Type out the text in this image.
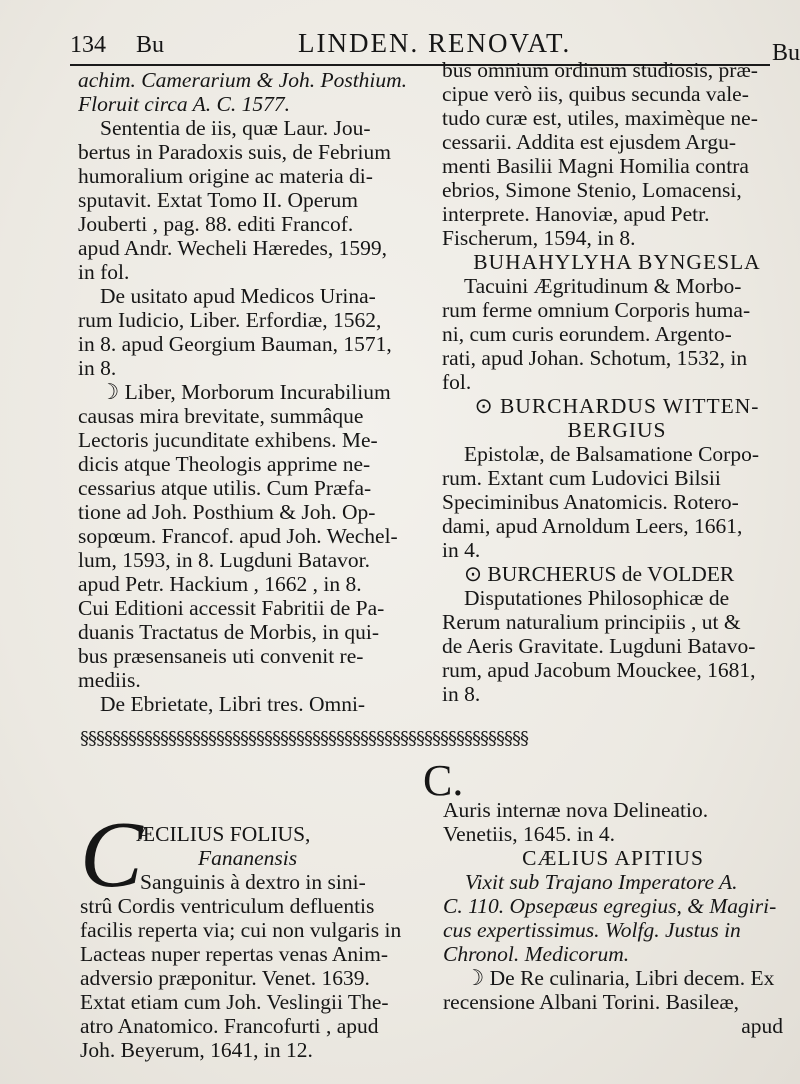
134 Bu	LINDEN. RENOVAT.	Bu
achim. Camerarium & Joh. Posthium.
Floruit circa A. C. 1577.
Sententia de iis, quæ Laur. Jou-
bertus in Paradoxis suis, de Febrium
humoralium origine ac materia di-
sputavit. Extat Tomo II. Operum
Jouberti , pag. 88. editi Francof.
apud Andr. Wecheli Hæredes, 1599,
in fol.
De usitato apud Medicos Urina-
rum Iudicio, Liber. Erfordiæ, 1562,
in 8. apud Georgium Bauman, 1571,
in 8.
☽ Liber, Morborum Incurabilium
causas mira brevitate, summâque
Lectoris jucunditate exhibens. Me-
dicis atque Theologis apprime ne-
cessarius atque utilis. Cum Præfa-
tione ad Joh. Posthium & Joh. Op-
sopœum. Francof. apud Joh. Wechel-
lum, 1593, in 8. Lugduni Batavor.
apud Petr. Hackium , 1662 , in 8.
Cui Editioni accessit Fabritii de Pa-
duanis Tractatus de Morbis, in qui-
bus præsensaneis uti convenit re-
mediis.
De Ebrietate, Libri tres. Omni-
bus omnium ordinum studiosis, præ-
cipue verò iis, quibus secunda vale-
tudo curæ est, utiles, maximèque ne-
cessarii. Addita est ejusdem Argu-
menti Basilii Magni Homilia contra
ebrios, Simone Stenio, Lomacensi,
interprete. Hanoviæ, apud Petr.
Fischerum, 1594, in 8.
BUHAHYLYHA BYNGESLA
Tacuini Ægritudinum & Morbo-
rum ferme omnium Corporis huma-
ni, cum curis eorundem. Argento-
rati, apud Johan. Schotum, 1532, in
fol.
⊙ BURCHARDUS WITTEN-
BERGIUS
Epistolæ, de Balsamatione Corpo-
rum. Extant cum Ludovici Bilsii
Speciminibus Anatomicis. Rotero-
dami, apud Arnoldum Leers, 1661,
in 4.
⊙ BURCHERUS de VOLDER
Disputationes Philosophicæ de
Rerum naturalium principiis , ut &
de Aeris Gravitate. Lugduni Batavo-
rum, apud Jacobum Mouckee, 1681,
in 8.
§§§§§§§§§§§§§§§§§§§§§§§§§§§§§§§§§§§§§§§§§§§§§§§§§§§§§§§§
C.
C
ÆCILIUS FOLIUS,
Fananensis
Sanguinis à dextro in sini-
strû Cordis ventriculum defluentis
facilis reperta via; cui non vulgaris in
Lacteas nuper repertas venas Anim-
adversio præponitur. Venet. 1639.
Extat etiam cum Joh. Veslingii The-
atro Anatomico. Francofurti , apud
Joh. Beyerum, 1641, in 12.
Auris internæ nova Delineatio.
Venetiis, 1645. in 4.
CÆLIUS APITIUS
Vixit sub Trajano Imperatore A.
C. 110. Opsepæus egregius, & Magiri-
cus expertissimus. Wolfg. Justus in
Chronol. Medicorum.
☽ De Re culinaria, Libri decem. Ex
recensione Albani Torini. Basileæ,
apud
